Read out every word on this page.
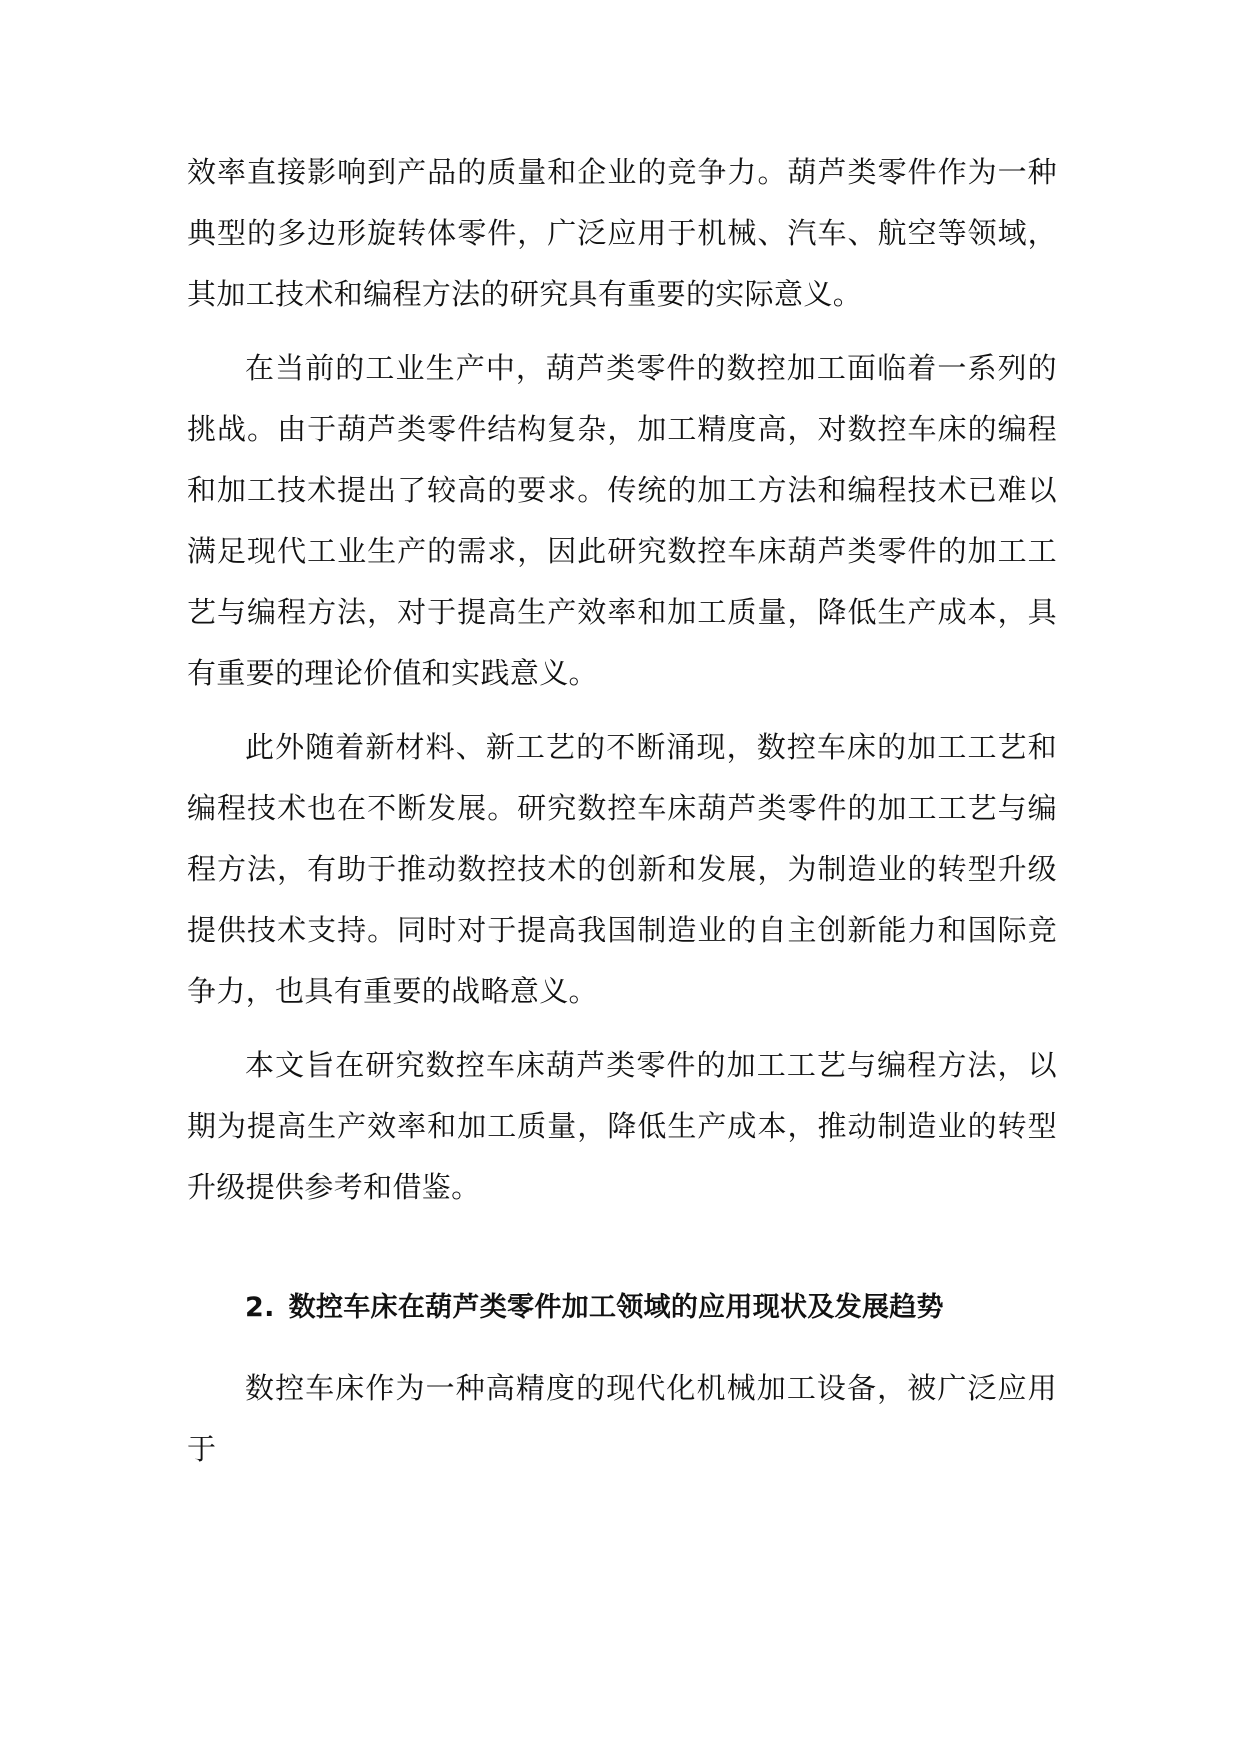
效率直接影响到产品的质量和企业的竞争力。葫芦类零件作为一种典型的多边形旋转体零件，广泛应用于机械、汽车、航空等领域，其加工技术和编程方法的研究具有重要的实际意义。

在当前的工业生产中，葫芦类零件的数控加工面临着一系列的挑战。由于葫芦类零件结构复杂，加工精度高，对数控车床的编程和加工技术提出了较高的要求。传统的加工方法和编程技术已难以满足现代工业生产的需求，因此研究数控车床葫芦类零件的加工工艺与编程方法，对于提高生产效率和加工质量，降低生产成本，具有重要的理论价值和实践意义。

此外随着新材料、新工艺的不断涌现，数控车床的加工工艺和编程技术也在不断发展。研究数控车床葫芦类零件的加工工艺与编程方法，有助于推动数控技术的创新和发展，为制造业的转型升级提供技术支持。同时对于提高我国制造业的自主创新能力和国际竞争力，也具有重要的战略意义。

本文旨在研究数控车床葫芦类零件的加工工艺与编程方法，以期为提高生产效率和加工质量，降低生产成本，推动制造业的转型升级提供参考和借鉴。

2. 数控车床在葫芦类零件加工领域的应用现状及发展趋势

数控车床作为一种高精度的现代化机械加工设备，被广泛应用于
